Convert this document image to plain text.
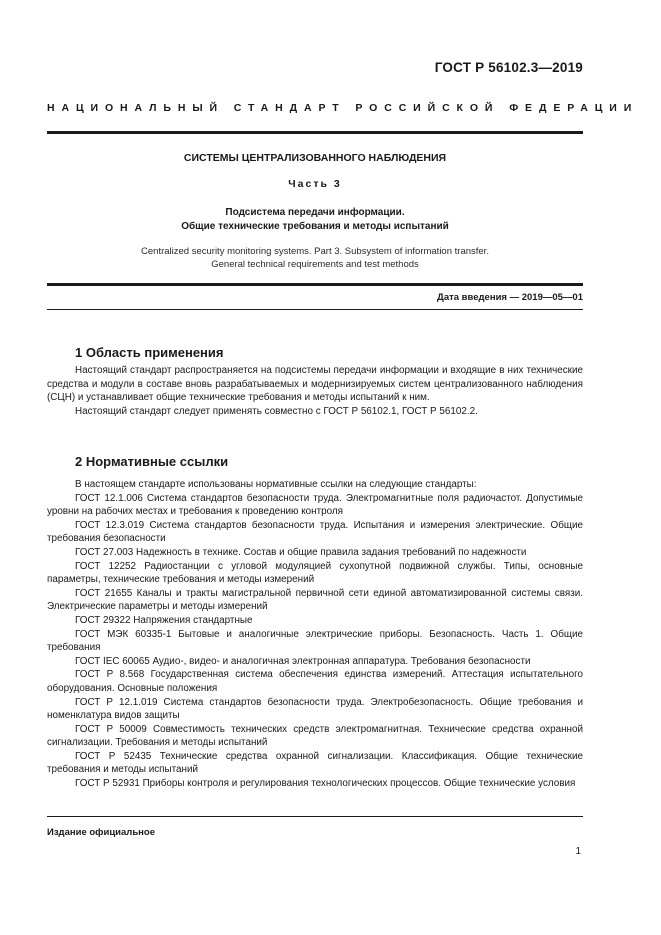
ГОСТ Р 56102.3—2019
НАЦИОНАЛЬНЫЙ СТАНДАРТ РОССИЙСКОЙ ФЕДЕРАЦИИ
СИСТЕМЫ ЦЕНТРАЛИЗОВАННОГО НАБЛЮДЕНИЯ
Часть 3
Подсистема передачи информации.
Общие технические требования и методы испытаний
Centralized security monitoring systems. Part 3. Subsystem of information transfer.
General technical requirements and test methods
Дата введения — 2019—05—01
1 Область применения

Настоящий стандарт распространяется на подсистемы передачи информации и входящие в них технические средства и модули в составе вновь разрабатываемых и модернизируемых систем централизованного наблюдения (СЦН) и устанавливает общие технические требования и методы испытаний к ним.

Настоящий стандарт следует применять совместно с ГОСТ Р 56102.1, ГОСТ Р 56102.2.

2 Нормативные ссылки

В настоящем стандарте использованы нормативные ссылки на следующие стандарты:

ГОСТ 12.1.006 Система стандартов безопасности труда. Электромагнитные поля радиочастот. Допустимые уровни на рабочих местах и требования к проведению контроля

ГОСТ 12.3.019 Система стандартов безопасности труда. Испытания и измерения электрические. Общие требования безопасности

ГОСТ 27.003 Надежность в технике. Состав и общие правила задания требований по надежности

ГОСТ 12252 Радиостанции с угловой модуляцией сухопутной подвижной службы. Типы, основные параметры, технические требования и методы измерений

ГОСТ 21655 Каналы и тракты магистральной первичной сети единой автоматизированной системы связи. Электрические параметры и методы измерений

ГОСТ 29322 Напряжения стандартные

ГОСТ МЭК 60335-1 Бытовые и аналогичные электрические приборы. Безопасность. Часть 1. Общие требования

ГОСТ IEC 60065 Аудио-, видео- и аналогичная электронная аппаратура. Требования безопасности

ГОСТ Р 8.568 Государственная система обеспечения единства измерений. Аттестация испытательного оборудования. Основные положения

ГОСТ Р 12.1.019 Система стандартов безопасности труда. Электробезопасность. Общие требования и номенклатура видов защиты

ГОСТ Р 50009 Совместимость технических средств электромагнитная. Технические средства охранной сигнализации. Требования и методы испытаний

ГОСТ Р 52435 Технические средства охранной сигнализации. Классификация. Общие технические требования и методы испытаний

ГОСТ Р 52931 Приборы контроля и регулирования технологических процессов. Общие технические условия

Издание официальное
1
